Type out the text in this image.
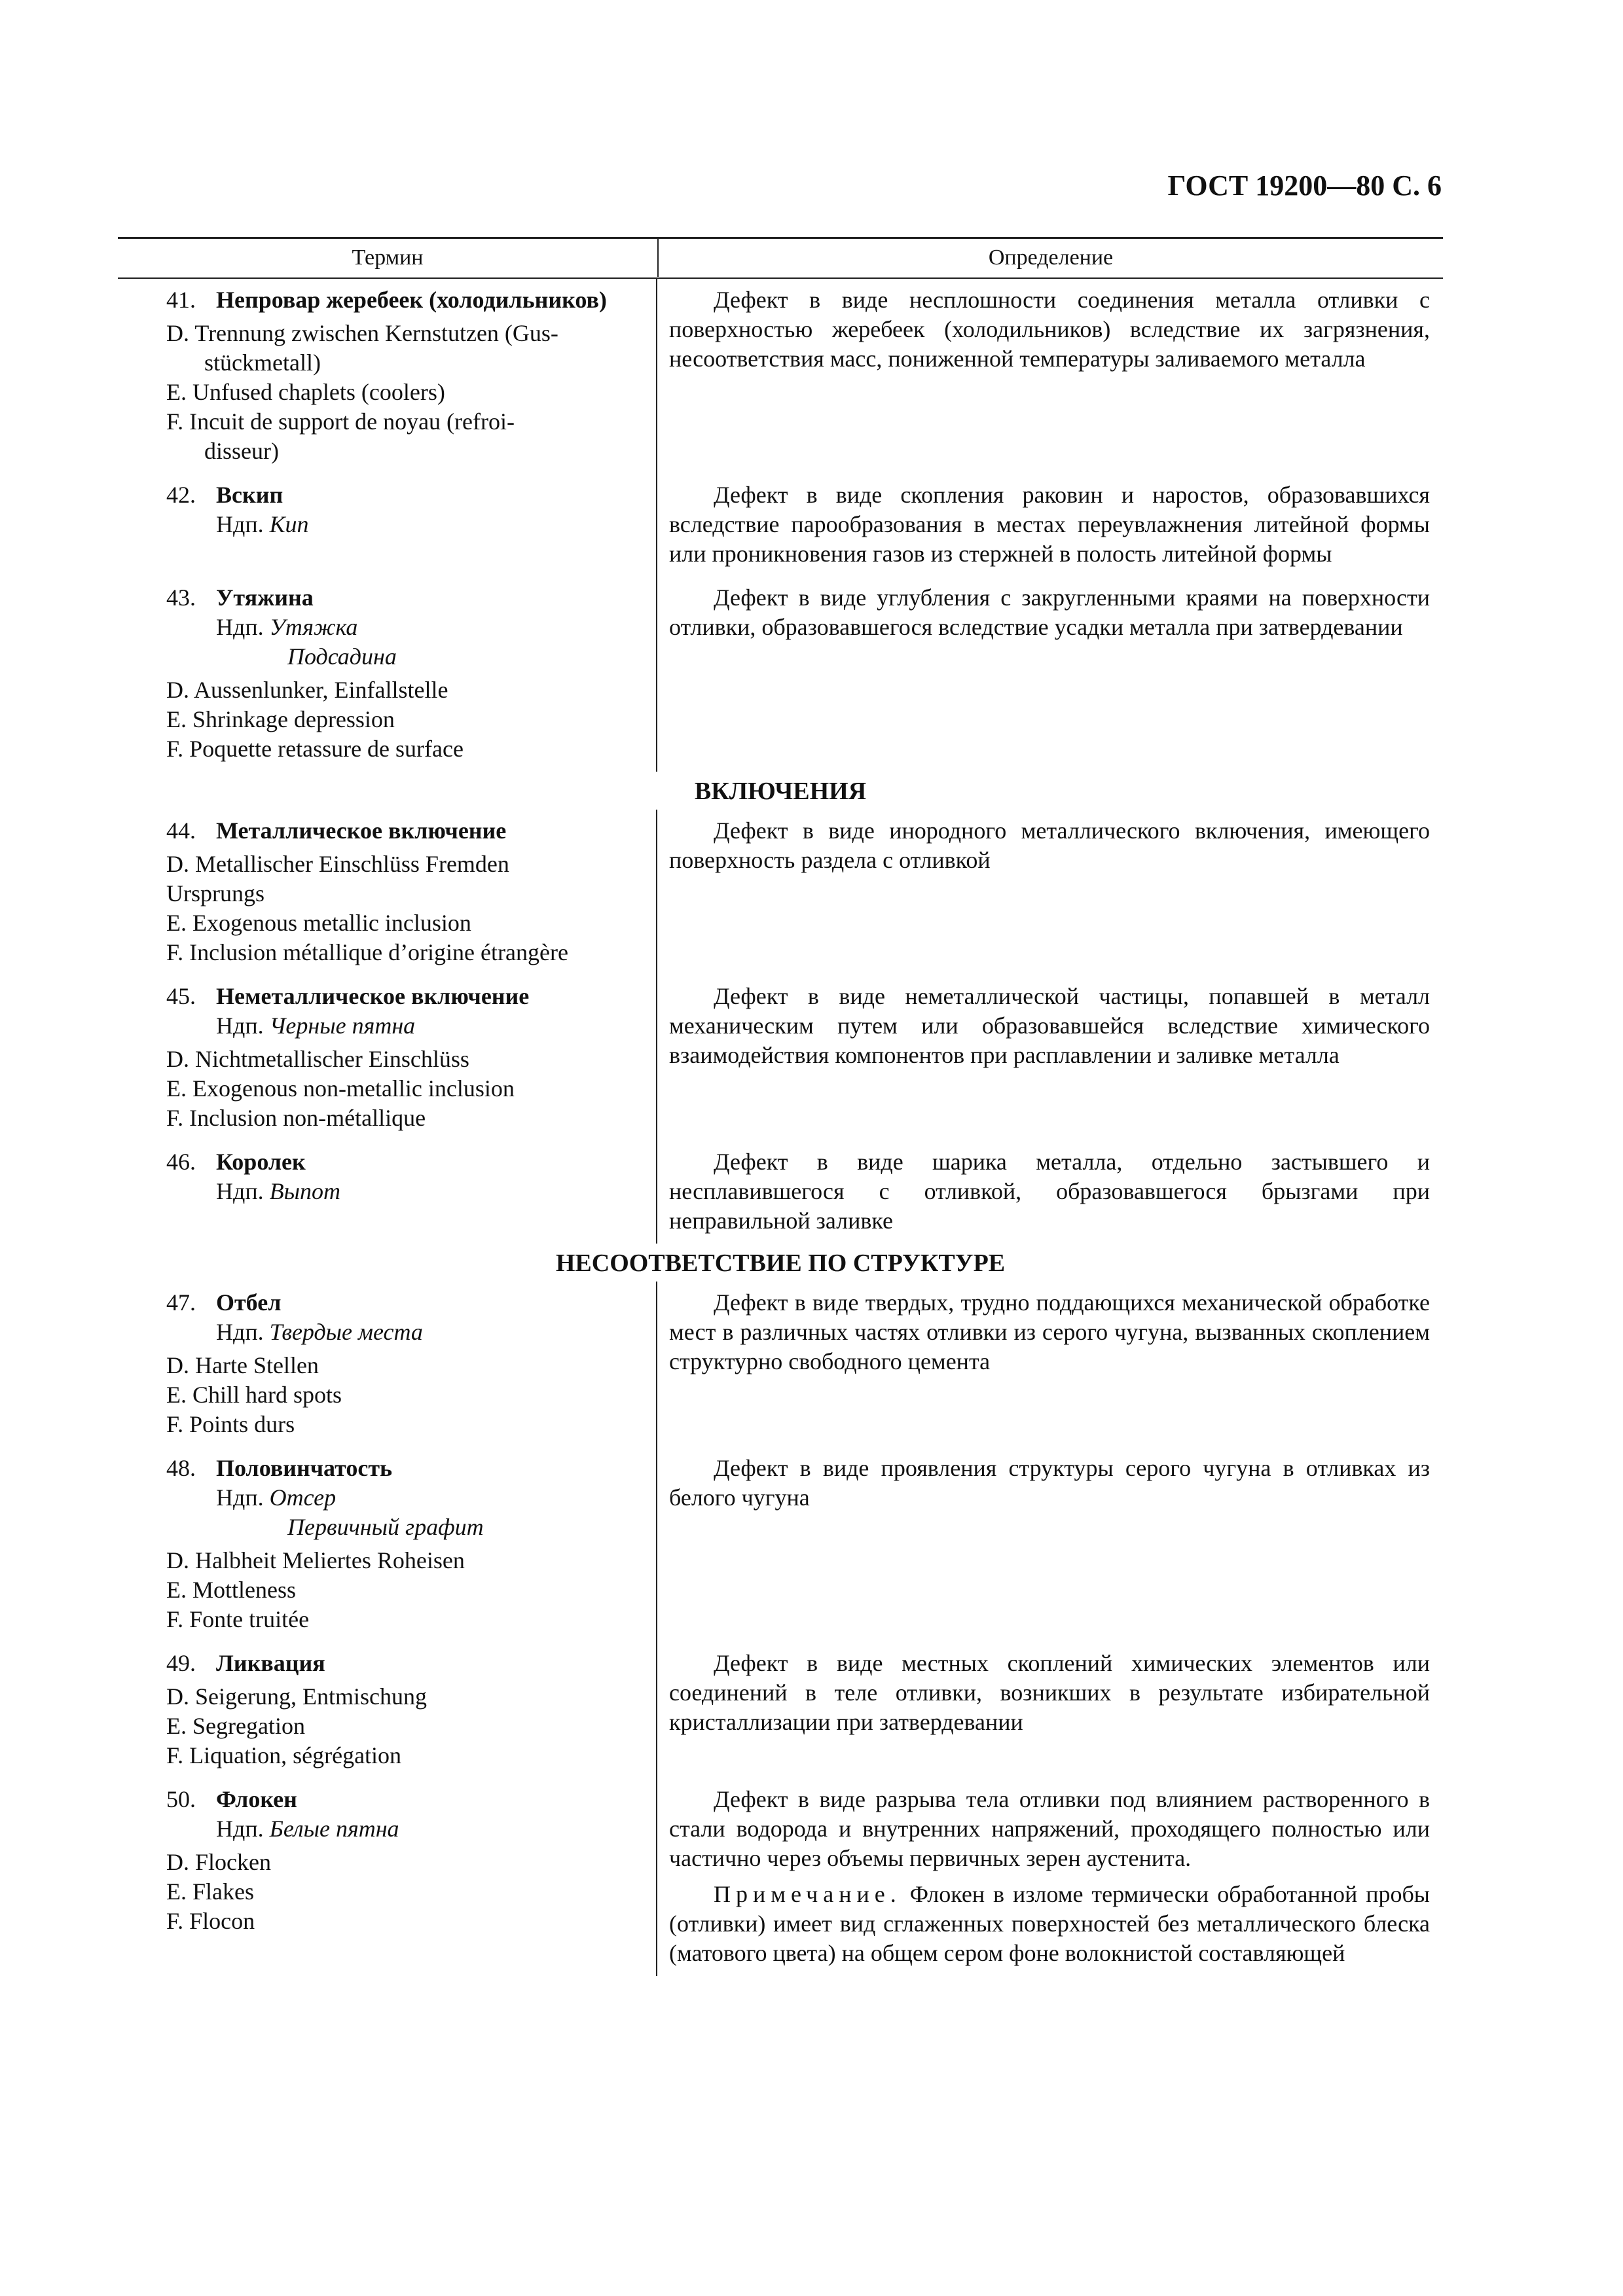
ГОСТ 19200—80 С. 6
Термин	Определение
41. Непровар жеребеек (холодильников)
D. Trennung zwischen Kernstutzen (Gus-
stückmetall)
E. Unfused chaplets (coolers)
F. Incuit de support de noyau (refroi-
disseur)

Дефект в виде несплошности соединения металла отливки с поверхностью жеребеек (холодильников) вследствие их загрязнения, несоответствия масс, пониженной температуры заливаемого металла

42. Вскип
Ндп. Кип

Дефект в виде скопления раковин и наростов, образовавшихся вследствие парообразования в местах переувлажнения литейной формы или проникновения газов из стержней в полость литейной формы

43. Утяжина
Ндп. Утяжка
Подсадина
D. Aussenlunker, Einfallstelle
E. Shrinkage depression
F. Poquette retassure de surface

Дефект в виде углубления с закругленными краями на поверхности отливки, образовавшегося вследствие усадки металла при затвердевании

ВКЛЮЧЕНИЯ
44. Металлическое включение
D. Metallischer Einschlüss Fremden
Ursprungs
E. Exogenous metallic inclusion
F. Inclusion métallique d’origine étrangère

Дефект в виде инородного металлического включения, имеющего поверхность раздела с отливкой

45. Неметаллическое включение
Ндп. Черные пятна
D. Nichtmetallischer Einschlüss
E. Exogenous non-metallic inclusion
F. Inclusion non-métallique

Дефект в виде неметаллической частицы, попавшей в металл механическим путем или образовавшейся вследствие химического взаимодействия компонентов при расплавлении и заливке металла

46. Королек
Ндп. Выпот

Дефект в виде шарика металла, отдельно застывшего и несплавившегося с отливкой, образовавшегося брызгами при неправильной заливке

НЕСООТВЕТСТВИЕ ПО СТРУКТУРЕ
47. Отбел
Ндп. Твердые места
D. Harte Stellen
E. Chill hard spots
F. Points durs

Дефект в виде твердых, трудно поддающихся механической обработке мест в различных частях отливки из серого чугуна, вызванных скоплением структурно свободного цемента

48. Половинчатость
Ндп. Отсер
Первичный графит
D. Halbheit Meliertes Roheisen
E. Mottleness
F. Fonte truitée

Дефект в виде проявления структуры серого чугуна в отливках из белого чугуна

49. Ликвация
D. Seigerung, Entmischung
E. Segregation
F. Liquation, ségrégation

Дефект в виде местных скоплений химических элементов или соединений в теле отливки, возникших в результате избирательной кристаллизации при затвердевании

50. Флокен
Ндп. Белые пятна
D. Flocken
E. Flakes
F. Flocon

Дефект в виде разрыва тела отливки под влиянием растворенного в стали водорода и внутренних напряжений, проходящего полностью или частично через объемы первичных зерен аустенита.

Примечание. Флокен в изломе термически обработанной пробы (отливки) имеет вид сглаженных поверхностей без металлического блеска (матового цвета) на общем сером фоне волокнистой составляющей
